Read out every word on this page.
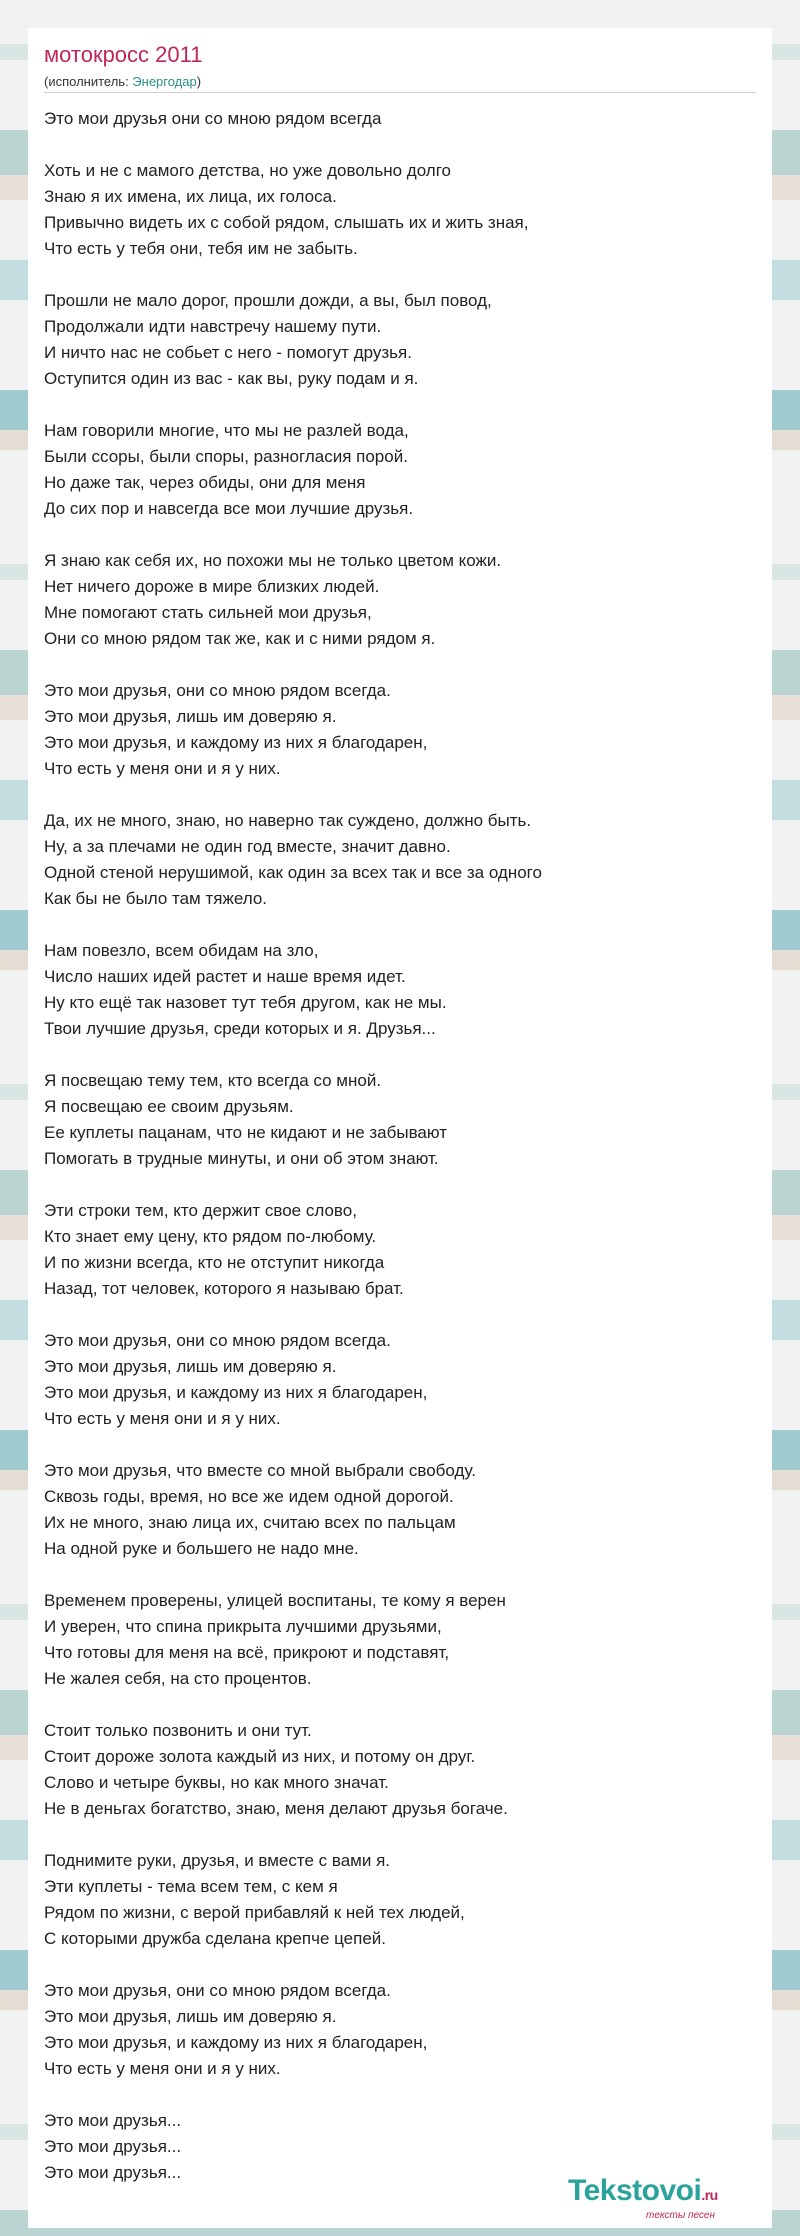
мотокросс 2011
(исполнитель: Энергодар)
Это мои друзья они со мною рядом всегда
Хоть и не с мамого детства, но уже довольно долго
Знаю я их имена, их лица, их голоса.
Привычно видеть их с собой рядом, слышать их и жить зная,
Что есть у тебя они, тебя им не забыть.
Прошли не мало дорог, прошли дожди, а вы, был повод,
Продолжали идти навстречу нашему пути.
И ничто нас не собьет с него - помогут друзья.
Оступится один из вас - как вы, руку подам и я.
Нам говорили многие, что мы не разлей вода,
Были ссоры, были споры, разногласия порой.
Но даже так, через обиды, они для меня
До сих пор и навсегда все мои лучшие друзья.
Я знаю как себя их, но похожи мы не только цветом кожи.
Нет ничего дороже в мире близких людей.
Мне помогают стать сильней мои друзья,
Они со мною рядом так же, как и с ними рядом я.
Это мои друзья, они со мною рядом всегда.
Это мои друзья, лишь им доверяю я.
Это мои друзья, и каждому из них я благодарен,
Что есть у меня они и я у них.
Да, их не много, знаю, но наверно так суждено, должно быть.
Ну, а за плечами не один год вместе, значит давно.
Одной стеной нерушимой, как один за всех так и все за одного
Как бы не было там тяжело.
Нам повезло, всем обидам на зло,
Число наших идей растет и наше время идет.
Ну кто ещё так назовет тут тебя другом, как не мы.
Твои лучшие друзья, среди которых и я. Друзья...
Я посвещаю тему тем, кто всегда со мной.
Я посвещаю ее своим друзьям.
Ее куплеты пацанам, что не кидают и не забывают
Помогать в трудные минуты, и они об этом знают.
Эти строки тем, кто держит свое слово,
Кто знает ему цену, кто рядом по-любому.
И по жизни всегда, кто не отступит никогда
Назад, тот человек, которого я называю брат.
Это мои друзья, они со мною рядом всегда.
Это мои друзья, лишь им доверяю я.
Это мои друзья, и каждому из них я благодарен,
Что есть у меня они и я у них.
Это мои друзья, что вместе со мной выбрали свободу.
Сквозь годы, время, но все же идем одной дорогой.
Их не много, знаю лица их, считаю всех по пальцам
На одной руке и большего не надо мне.
Временем проверены, улицей воспитаны, те кому я верен
И уверен, что спина прикрыта лучшими друзьями,
Что готовы для меня на всё, прикроют и подставят,
Не жалея себя, на сто процентов.
Стоит только позвонить и они тут.
Стоит дороже золота каждый из них, и потому он друг.
Слово и четыре буквы, но как много значат.
Не в деньгах богатство, знаю, меня делают друзья богаче.
Поднимите руки, друзья, и вместе с вами я.
Эти куплеты - тема всем тем, с кем я
Рядом по жизни, с верой прибавляй к ней тех людей,
С которыми дружба сделана крепче цепей.
Это мои друзья, они со мною рядом всегда.
Это мои друзья, лишь им доверяю я.
Это мои друзья, и каждому из них я благодарен,
Что есть у меня они и я у них.
Это мои друзья...
Это мои друзья...
Это мои друзья...
Tekstovoi.ru
тексты песен
